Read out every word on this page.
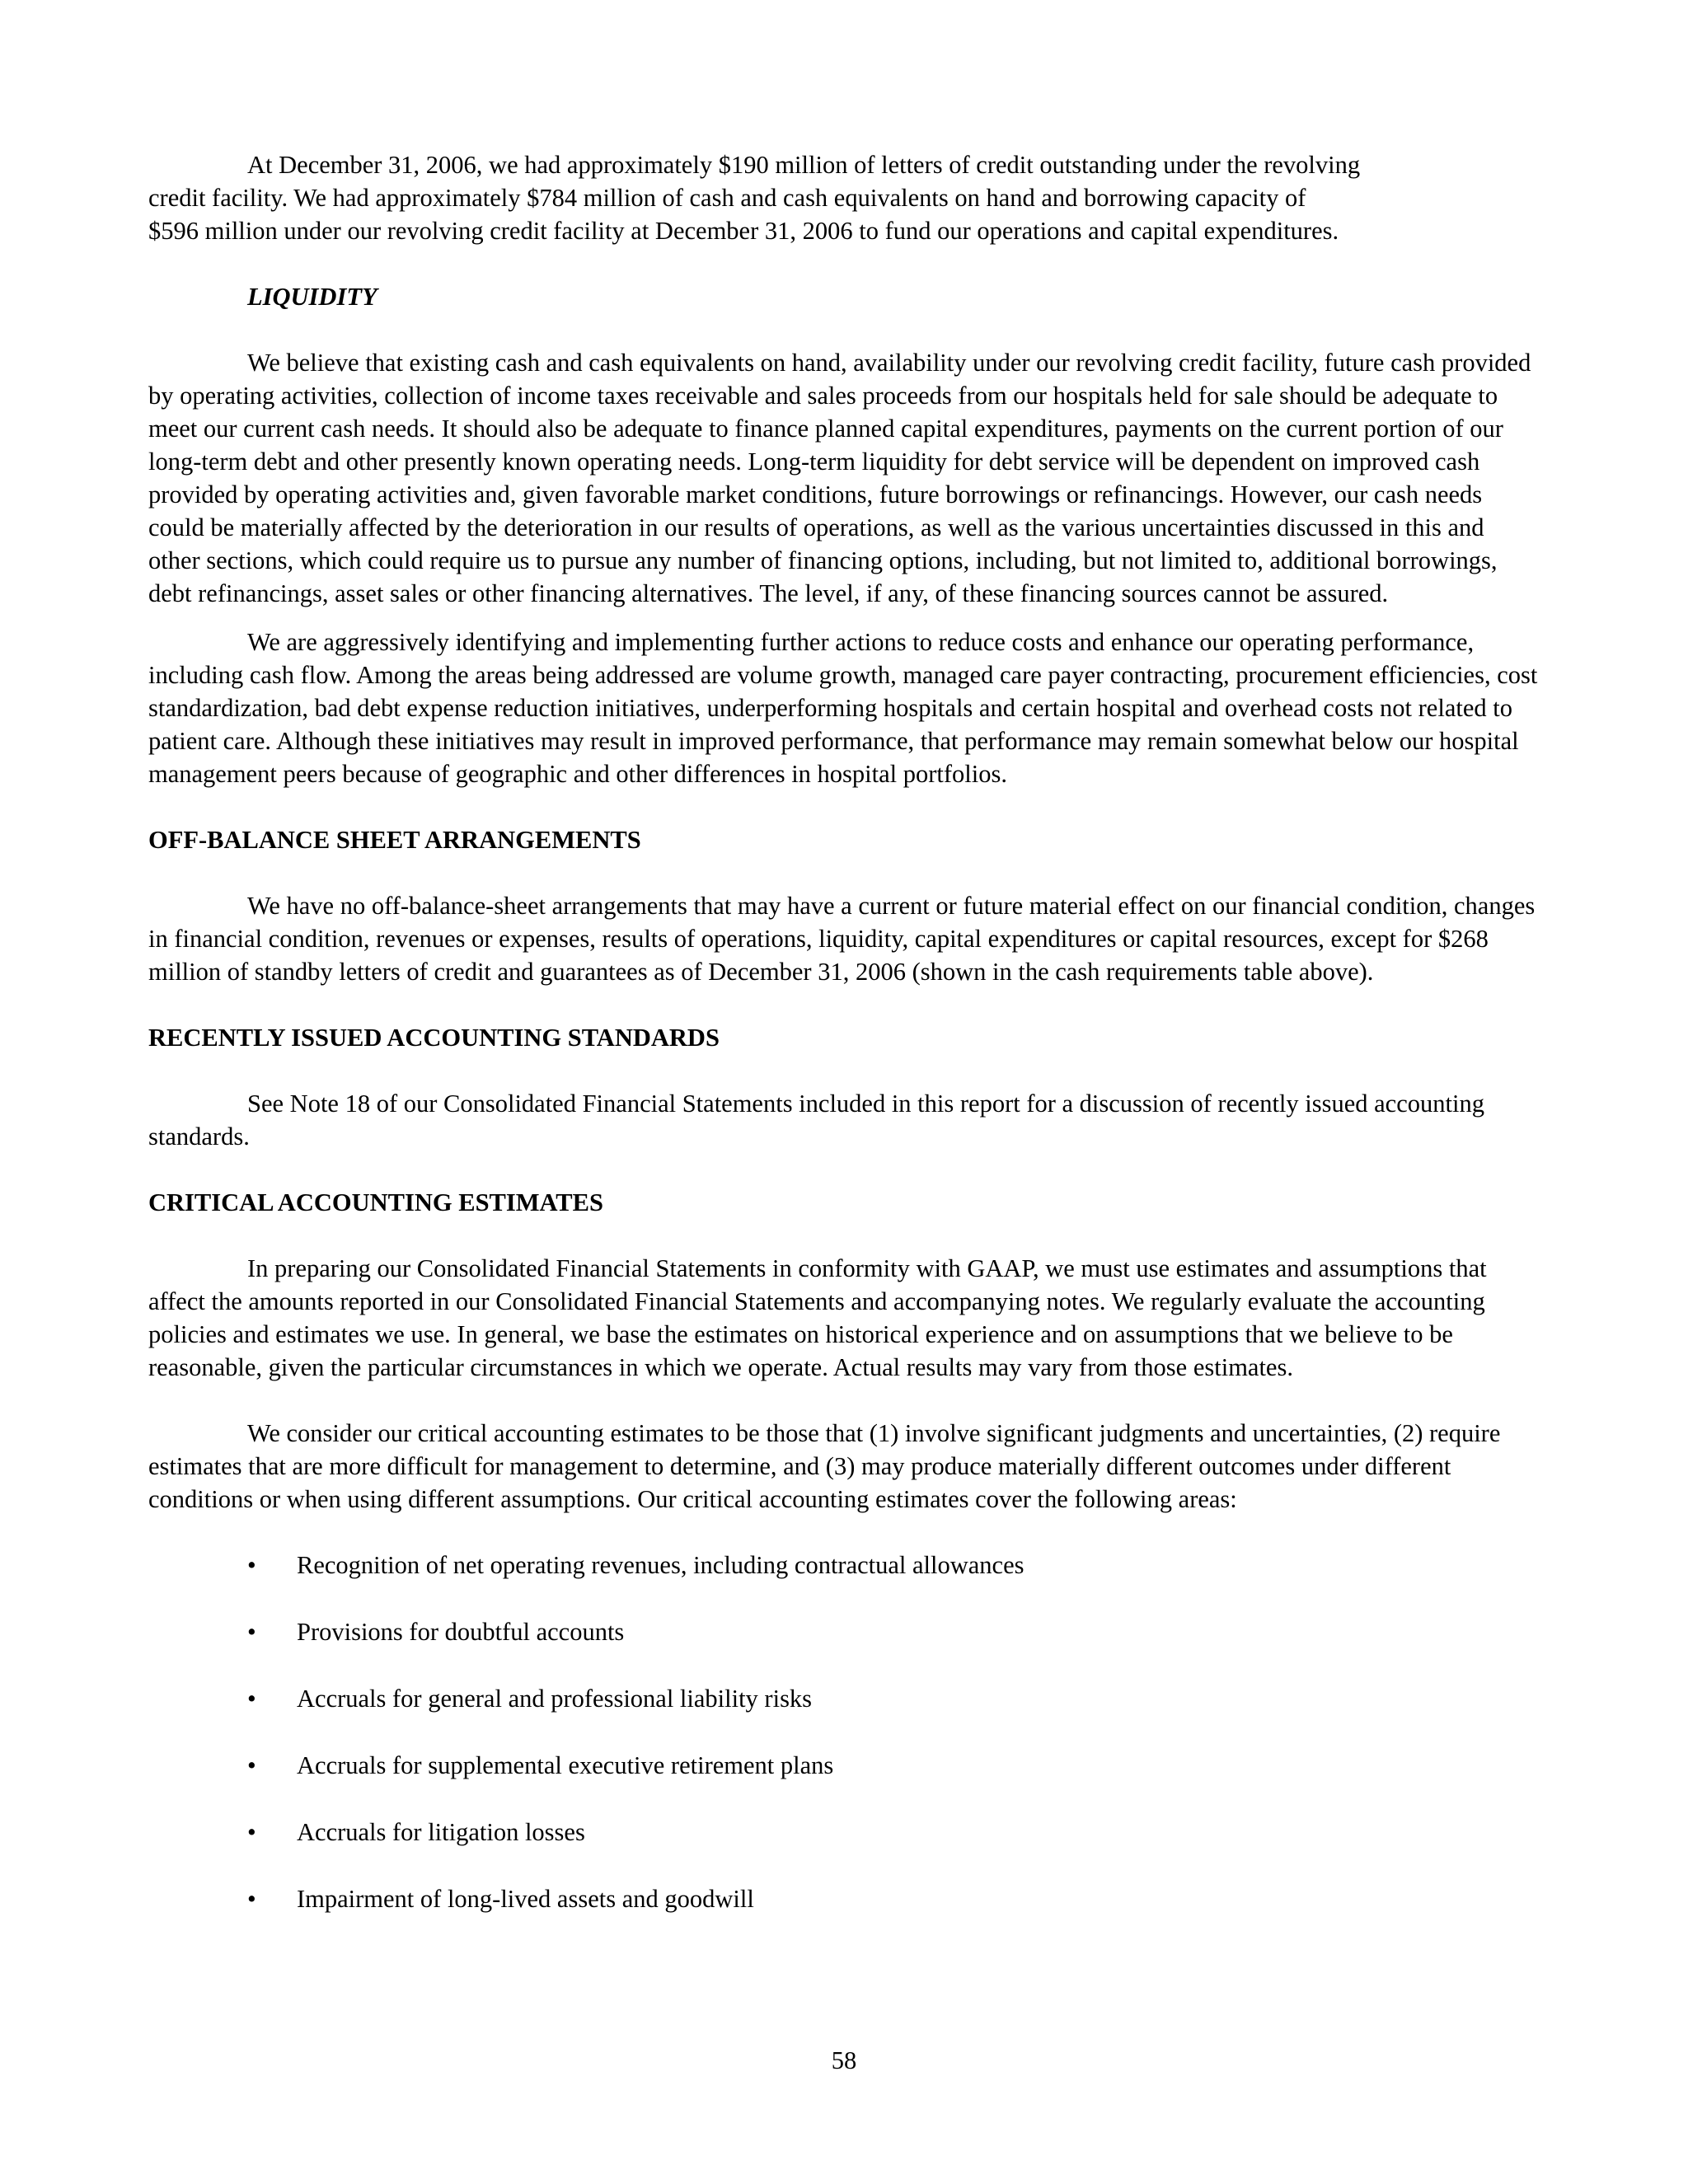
At December 31, 2006, we had approximately $190 million of letters of credit outstanding under the revolving
credit facility. We had approximately $784 million of cash and cash equivalents on hand and borrowing capacity of
$596 million under our revolving credit facility at December 31, 2006 to fund our operations and capital expenditures.

LIQUIDITY

We believe that existing cash and cash equivalents on hand, availability under our revolving credit facility, future cash provided by operating activities, collection of income taxes receivable and sales proceeds from our hospitals held for sale should be adequate to meet our current cash needs. It should also be adequate to finance planned capital expenditures, payments on the current portion of our long-term debt and other presently known operating needs. Long-term liquidity for debt service will be dependent on improved cash provided by operating activities and, given favorable market conditions, future borrowings or refinancings. However, our cash needs could be materially affected by the deterioration in our results of operations, as well as the various uncertainties discussed in this and other sections, which could require us to pursue any number of financing options, including, but not limited to, additional borrowings, debt refinancings, asset sales or other financing alternatives. The level, if any, of these financing sources cannot be assured.

We are aggressively identifying and implementing further actions to reduce costs and enhance our operating performance, including cash flow. Among the areas being addressed are volume growth, managed care payer contracting, procurement efficiencies, cost standardization, bad debt expense reduction initiatives, underperforming hospitals and certain hospital and overhead costs not related to patient care. Although these initiatives may result in improved performance, that performance may remain somewhat below our hospital management peers because of geographic and other differences in hospital portfolios.

OFF-BALANCE SHEET ARRANGEMENTS

We have no off-balance-sheet arrangements that may have a current or future material effect on our financial condition, changes in financial condition, revenues or expenses, results of operations, liquidity, capital expenditures or capital resources, except for $268 million of standby letters of credit and guarantees as of December 31, 2006 (shown in the cash requirements table above).

RECENTLY ISSUED ACCOUNTING STANDARDS

See Note 18 of our Consolidated Financial Statements included in this report for a discussion of recently issued accounting standards.

CRITICAL ACCOUNTING ESTIMATES

In preparing our Consolidated Financial Statements in conformity with GAAP, we must use estimates and assumptions that affect the amounts reported in our Consolidated Financial Statements and accompanying notes. We regularly evaluate the accounting policies and estimates we use. In general, we base the estimates on historical experience and on assumptions that we believe to be reasonable, given the particular circumstances in which we operate. Actual results may vary from those estimates.

We consider our critical accounting estimates to be those that (1) involve significant judgments and uncertainties, (2) require estimates that are more difficult for management to determine, and (3) may produce materially different outcomes under different conditions or when using different assumptions. Our critical accounting estimates cover the following areas:

• Recognition of net operating revenues, including contractual allowances
• Provisions for doubtful accounts
• Accruals for general and professional liability risks
• Accruals for supplemental executive retirement plans
• Accruals for litigation losses
• Impairment of long-lived assets and goodwill
58
